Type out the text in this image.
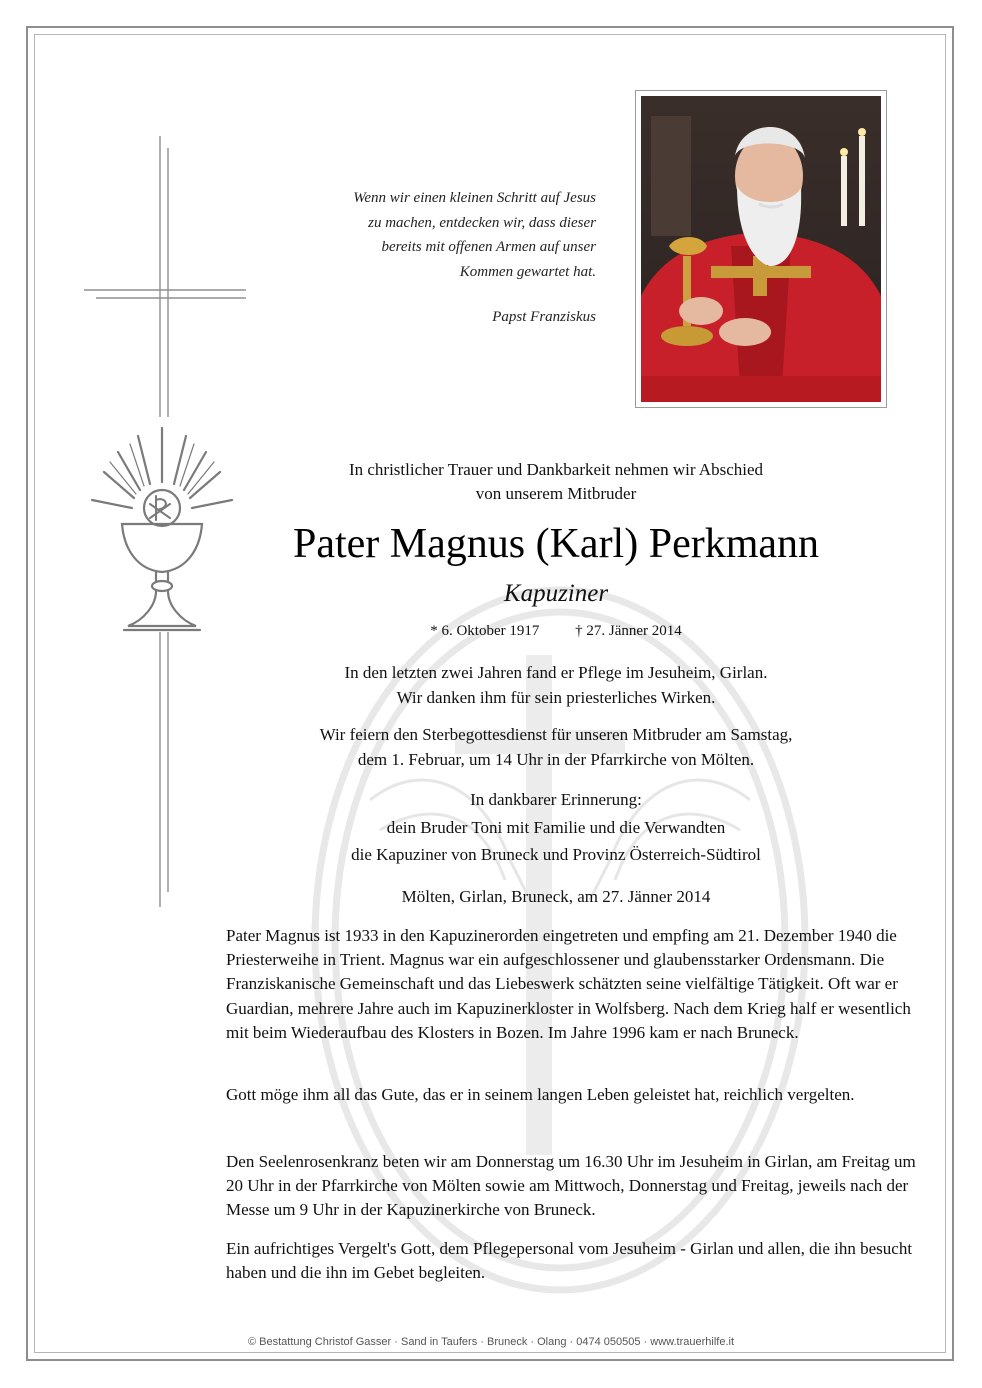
Wenn wir einen kleinen Schritt auf Jesus
zu machen, entdecken wir, dass dieser
bereits mit offenen Armen auf unser
Kommen gewartet hat.
Papst Franziskus
In christlicher Trauer und Dankbarkeit nehmen wir Abschied
von unserem Mitbruder
Pater Magnus (Karl) Perkmann
Kapuziner
* 6. Oktober 1917 † 27. Jänner 2014
In den letzten zwei Jahren fand er Pflege im Jesuheim, Girlan.
Wir danken ihm für sein priesterliches Wirken.
Wir feiern den Sterbegottesdienst für unseren Mitbruder am Samstag,
dem 1. Februar, um 14 Uhr in der Pfarrkirche von Mölten.
In dankbarer Erinnerung:
dein Bruder Toni mit Familie und die Verwandten
die Kapuziner von Bruneck und Provinz Österreich-Südtirol
Mölten, Girlan, Bruneck, am 27. Jänner 2014
Pater Magnus ist 1933 in den Kapuzinerorden eingetreten und empfing am 21. Dezember 1940 die Priesterweihe in Trient. Magnus war ein aufgeschlossener und glaubensstarker Ordensmann. Die Franziskanische Gemeinschaft und das Liebeswerk schätzten seine vielfältige Tätigkeit. Oft war er Guardian, mehrere Jahre auch im Kapuzinerkloster in Wolfsberg. Nach dem Krieg half er wesentlich mit beim Wiederaufbau des Klosters in Bozen. Im Jahre 1996 kam er nach Bruneck.
Gott möge ihm all das Gute, das er in seinem langen Leben geleistet hat, reichlich vergelten.
Den Seelenrosenkranz beten wir am Donnerstag um 16.30 Uhr im Jesuheim in Girlan, am Freitag um 20 Uhr in der Pfarrkirche von Mölten sowie am Mittwoch, Donnerstag und Freitag, jeweils nach der Messe um 9 Uhr in der Kapuzinerkirche von Bruneck.
Ein aufrichtiges Vergelt's Gott, dem Pflegepersonal vom Jesuheim - Girlan und allen, die ihn besucht haben und die ihn im Gebet begleiten.
© Bestattung Christof Gasser · Sand in Taufers · Bruneck · Olang · 0474 050505 · www.trauerhilfe.it
